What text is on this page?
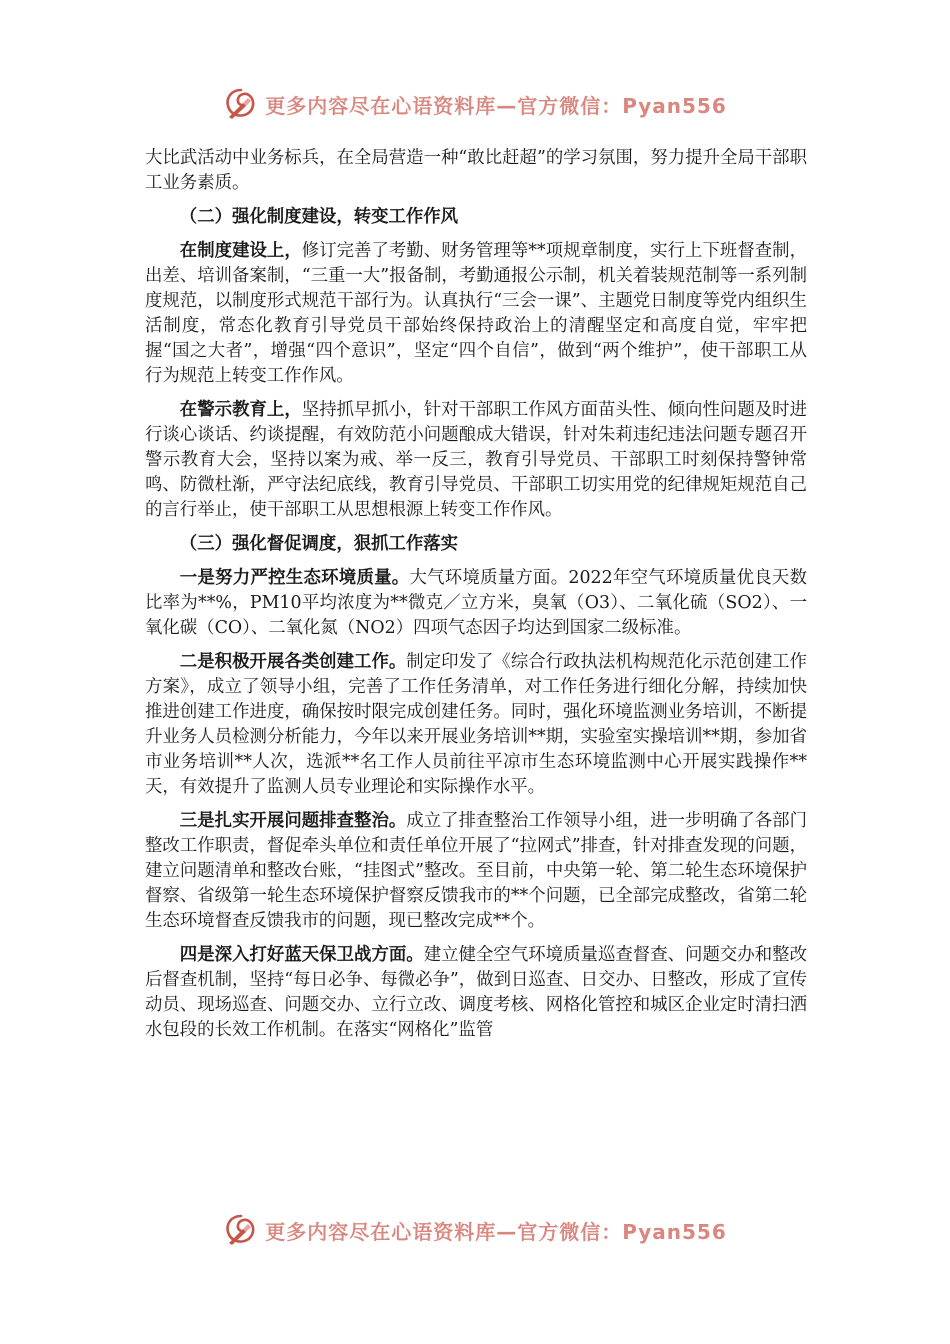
更多内容尽在心语资料库—官方微信：Pyan556

大比武活动中业务标兵，在全局营造一种“敢比赶超”的学习氛围，努力提升全局干部职工业务素质。

（二）强化制度建设，转变工作作风

在制度建设上，修订完善了考勤、财务管理等**项规章制度，实行上下班督查制，出差、培训备案制，“三重一大”报备制，考勤通报公示制，机关着装规范制等一系列制度规范，以制度形式规范干部行为。认真执行“三会一课”、主题党日制度等党内组织生活制度，常态化教育引导党员干部始终保持政治上的清醒坚定和高度自觉，牢牢把握“国之大者”，增强“四个意识”，坚定“四个自信”，做到“两个维护”，使干部职工从行为规范上转变工作作风。

在警示教育上，坚持抓早抓小，针对干部职工作风方面苗头性、倾向性问题及时进行谈心谈话、约谈提醒，有效防范小问题酿成大错误，针对朱莉违纪违法问题专题召开警示教育大会，坚持以案为戒、举一反三，教育引导党员、干部职工时刻保持警钟常鸣、防微杜渐，严守法纪底线，教育引导党员、干部职工切实用党的纪律规矩规范自己的言行举止，使干部职工从思想根源上转变工作作风。

（三）强化督促调度，狠抓工作落实

一是努力严控生态环境质量。大气环境质量方面。2022年空气环境质量优良天数比率为**%，PM10平均浓度为**微克／立方米，臭氧（O3）、二氧化硫（SO2）、一氧化碳（CO）、二氧化氮（NO2）四项气态因子均达到国家二级标准。

二是积极开展各类创建工作。制定印发了《综合行政执法机构规范化示范创建工作方案》，成立了领导小组，完善了工作任务清单，对工作任务进行细化分解，持续加快推进创建工作进度，确保按时限完成创建任务。同时，强化环境监测业务培训，不断提升业务人员检测分析能力，今年以来开展业务培训**期，实验室实操培训**期，参加省市业务培训**人次，选派**名工作人员前往平凉市生态环境监测中心开展实践操作**天，有效提升了监测人员专业理论和实际操作水平。

三是扎实开展问题排查整治。成立了排查整治工作领导小组，进一步明确了各部门整改工作职责，督促牵头单位和责任单位开展了“拉网式”排查，针对排查发现的问题，建立问题清单和整改台账，“挂图式”整改。至目前，中央第一轮、第二轮生态环境保护督察、省级第一轮生态环境保护督察反馈我市的**个问题，已全部完成整改，省第二轮生态环境督查反馈我市的问题，现已整改完成**个。

四是深入打好蓝天保卫战方面。建立健全空气环境质量巡查督查、问题交办和整改后督查机制，坚持“每日必争、每微必争”，做到日巡查、日交办、日整改，形成了宣传动员、现场巡查、问题交办、立行立改、调度考核、网格化管控和城区企业定时清扫洒水包段的长效工作机制。在落实“网格化”监管

更多内容尽在心语资料库—官方微信：Pyan556
